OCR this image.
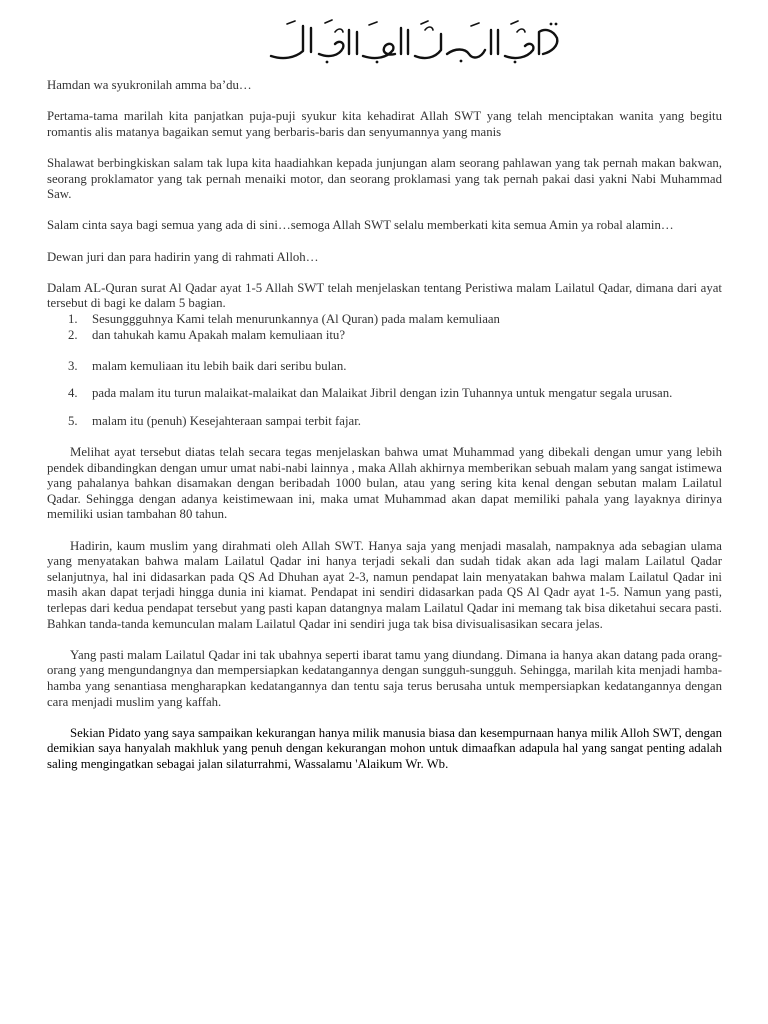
Hamdan wa syukronilah amma ba’du…

Pertama-tama marilah kita panjatkan puja-puji syukur kita kehadirat Allah SWT yang telah menciptakan wanita yang begitu romantis alis matanya bagaikan semut yang berbaris-baris dan senyumannya yang manis

Shalawat berbingkiskan salam tak lupa kita haadiahkan kepada junjungan alam seorang pahlawan yang tak pernah makan bakwan, seorang proklamator yang tak pernah menaiki motor, dan seorang proklamasi yang tak pernah pakai dasi yakni Nabi Muhammad Saw.

Salam cinta saya bagi semua yang ada di sini…semoga Allah SWT selalu memberkati kita semua Amin ya robal alamin…

Dewan juri dan para hadirin yang di rahmati Alloh…

Dalam AL-Quran surat Al Qadar ayat 1-5 Allah SWT telah menjelaskan tentang Peristiwa malam Lailatul Qadar, dimana dari ayat tersebut di bagi ke dalam 5 bagian.

1. Sesunggguhnya Kami telah menurunkannya (Al Quran) pada malam kemuliaan
2. dan tahukah kamu Apakah malam kemuliaan itu?
3. malam kemuliaan itu lebih baik dari seribu bulan.
4. pada malam itu turun malaikat-malaikat dan Malaikat Jibril dengan izin Tuhannya untuk mengatur segala urusan.
5. malam itu (penuh) Kesejahteraan sampai terbit fajar.

Melihat ayat tersebut diatas telah secara tegas menjelaskan bahwa umat Muhammad yang dibekali dengan umur yang lebih pendek dibandingkan dengan umur umat nabi-nabi lainnya , maka Allah akhirnya memberikan sebuah malam yang sangat istimewa yang pahalanya bahkan disamakan dengan beribadah 1000 bulan, atau yang sering kita kenal dengan sebutan malam Lailatul Qadar. Sehingga dengan adanya keistimewaan ini, maka umat Muhammad akan dapat memiliki pahala yang layaknya dirinya memiliki usian tambahan 80 tahun.

Hadirin, kaum muslim yang dirahmati oleh Allah SWT. Hanya saja yang menjadi masalah, nampaknya ada sebagian ulama yang menyatakan bahwa malam Lailatul Qadar ini hanya terjadi sekali dan sudah tidak akan ada lagi malam Lailatul Qadar selanjutnya, hal ini didasarkan pada QS Ad Dhuhan ayat 2-3, namun pendapat lain menyatakan bahwa malam Lailatul Qadar ini masih akan dapat terjadi hingga dunia ini kiamat. Pendapat ini sendiri didasarkan pada QS Al Qadr ayat 1-5. Namun yang pasti, terlepas dari kedua pendapat tersebut yang pasti kapan datangnya malam Lailatul Qadar ini memang tak bisa diketahui secara pasti. Bahkan tanda-tanda kemunculan malam Lailatul Qadar ini sendiri juga tak bisa divisualisasikan secara jelas.

Yang pasti malam Lailatul Qadar ini tak ubahnya seperti ibarat tamu yang diundang. Dimana ia hanya akan datang pada orang-orang yang mengundangnya dan mempersiapkan kedatangannya dengan sungguh-sungguh. Sehingga, marilah kita menjadi hamba-hamba yang senantiasa mengharapkan kedatangannya dan tentu saja terus berusaha untuk mempersiapkan kedatangannya dengan cara menjadi muslim yang kaffah.

Sekian Pidato yang saya sampaikan kekurangan hanya milik manusia biasa dan kesempurnaan hanya milik Alloh SWT, dengan demikian saya hanyalah makhluk yang penuh dengan kekurangan mohon untuk dimaafkan adapula hal yang sangat penting adalah saling mengingatkan sebagai jalan silaturrahmi, Wassalamu 'Alaikum Wr. Wb.
